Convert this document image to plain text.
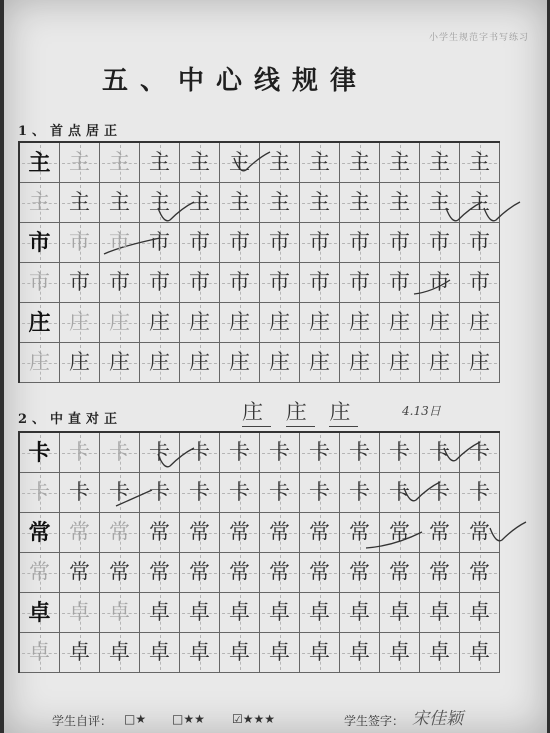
小学生规范字书写练习
五、中心线规律
1、首点居正
主 主 主 主 主 主 主 主 主 主 主 主
主 主 主 主 主 主 主 主 主 主 主 主
市 市 市 市 市 市 市 市 市 市 市 市
市 市 市 市 市 市 市 市 市 市 市 市
庄 庄 庄 庄 庄 庄 庄 庄 庄 庄 庄 庄
庄 庄 庄 庄 庄 庄 庄 庄 庄 庄 庄 庄
庄 庄 庄	4.13日
2、中直对正
卡 卡 卡 卡 卡 卡 卡 卡 卡 卡 卡 卡
卡 卡 卡 卡 卡 卡 卡 卡 卡 卡 卡 卡
常 常 常 常 常 常 常 常 常 常 常 常
常 常 常 常 常 常 常 常 常 常 常 常
卓 卓 卓 卓 卓 卓 卓 卓 卓 卓 卓 卓
卓 卓 卓 卓 卓 卓 卓 卓 卓 卓 卓 卓
学生自评： □★ □★★ ☑★★★	学生签字： 宋佳颖
